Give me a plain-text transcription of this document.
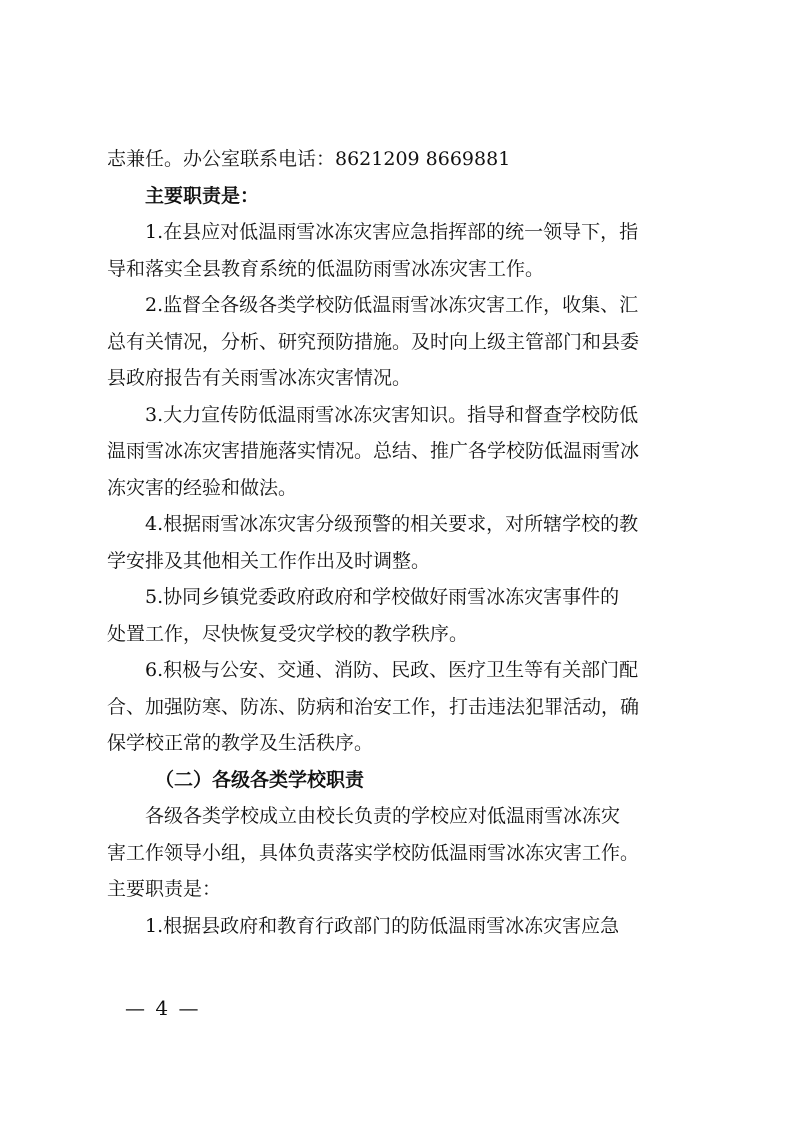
志兼任。办公室联系电话：8621209 8669881
主要职责是：
1.在县应对低温雨雪冰冻灾害应急指挥部的统一领导下，指
导和落实全县教育系统的低温防雨雪冰冻灾害工作。
2.监督全各级各类学校防低温雨雪冰冻灾害工作，收集、汇
总有关情况，分析、研究预防措施。及时向上级主管部门和县委
县政府报告有关雨雪冰冻灾害情况。
3.大力宣传防低温雨雪冰冻灾害知识。指导和督查学校防低
温雨雪冰冻灾害措施落实情况。总结、推广各学校防低温雨雪冰
冻灾害的经验和做法。
4.根据雨雪冰冻灾害分级预警的相关要求，对所辖学校的教
学安排及其他相关工作作出及时调整。
5.协同乡镇党委政府政府和学校做好雨雪冰冻灾害事件的
处置工作，尽快恢复受灾学校的教学秩序。
6.积极与公安、交通、消防、民政、医疗卫生等有关部门配
合、加强防寒、防冻、防病和治安工作，打击违法犯罪活动，确
保学校正常的教学及生活秩序。
（二）各级各类学校职责
各级各类学校成立由校长负责的学校应对低温雨雪冰冻灾
害工作领导小组，具体负责落实学校防低温雨雪冰冻灾害工作。
主要职责是：
1.根据县政府和教育行政部门的防低温雨雪冰冻灾害应急
— 4 —
